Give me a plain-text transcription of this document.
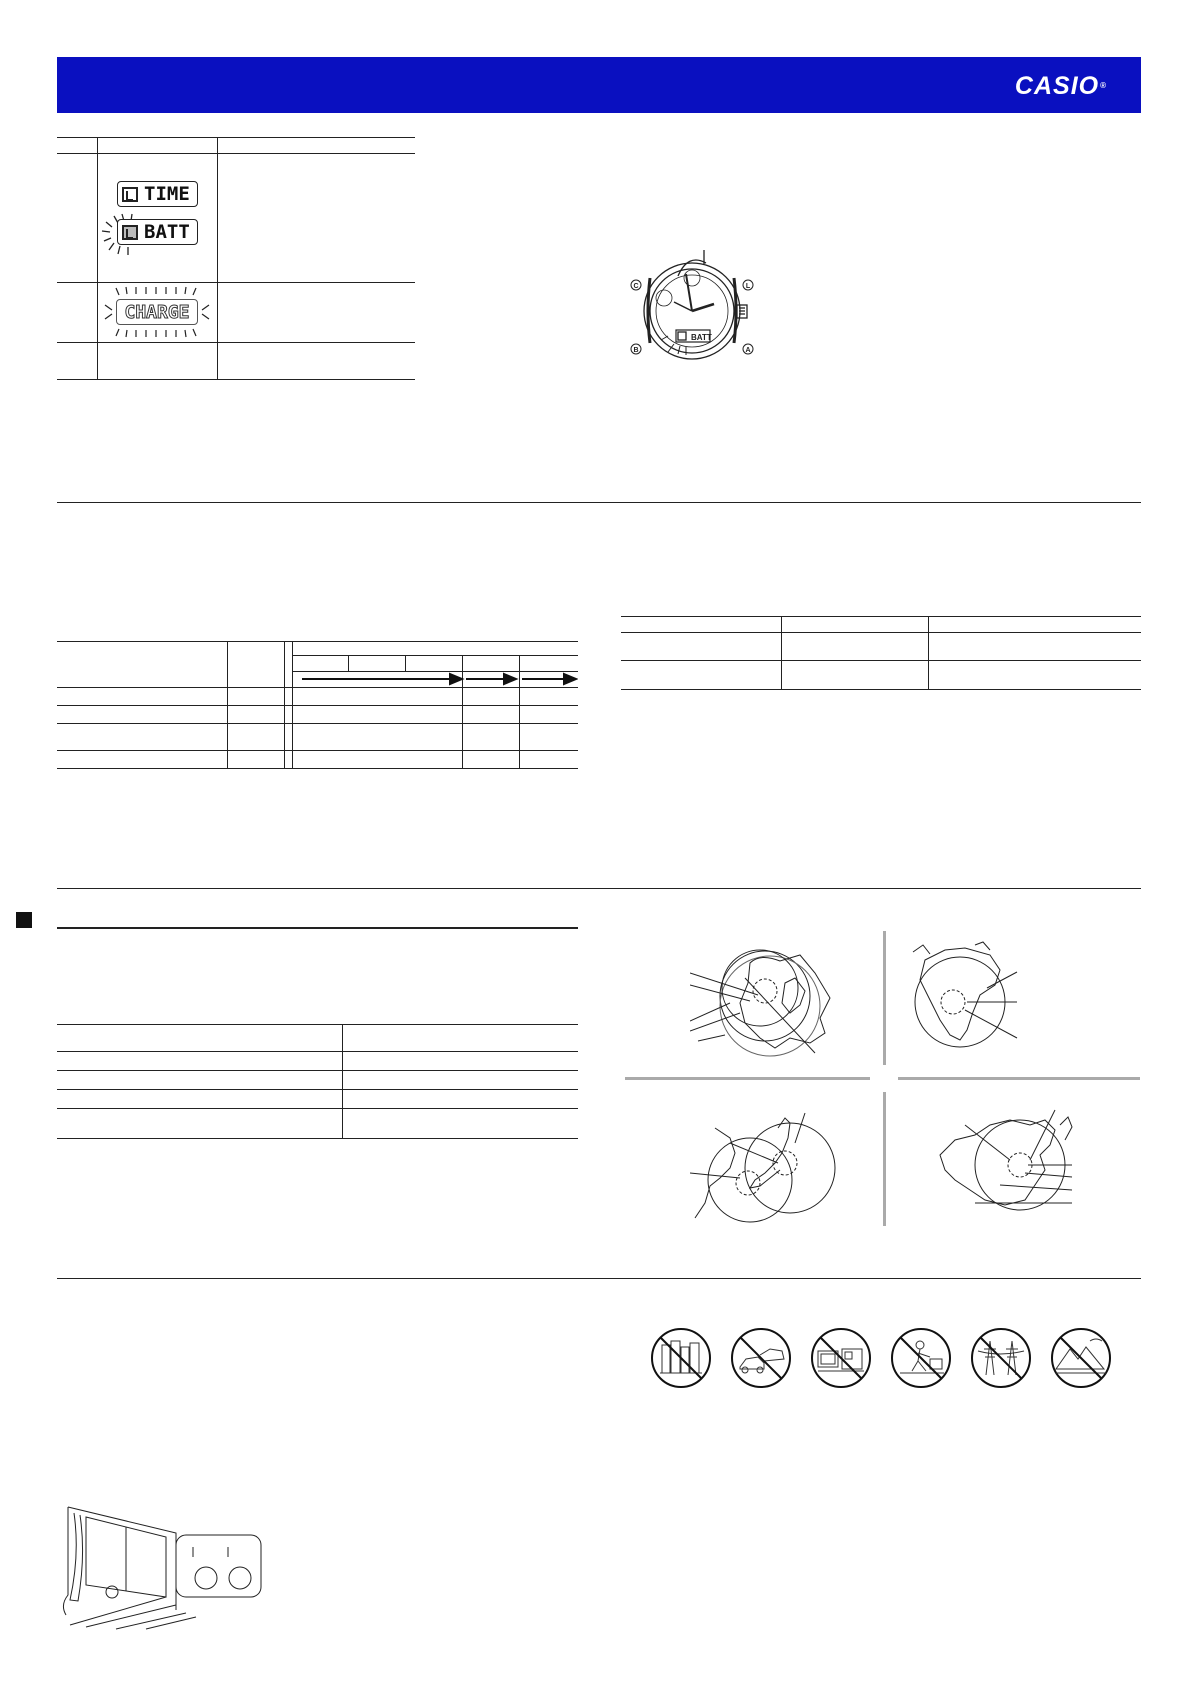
CASIO®
TIME
BATT
CHARGE
BATT
C	L
B	A
